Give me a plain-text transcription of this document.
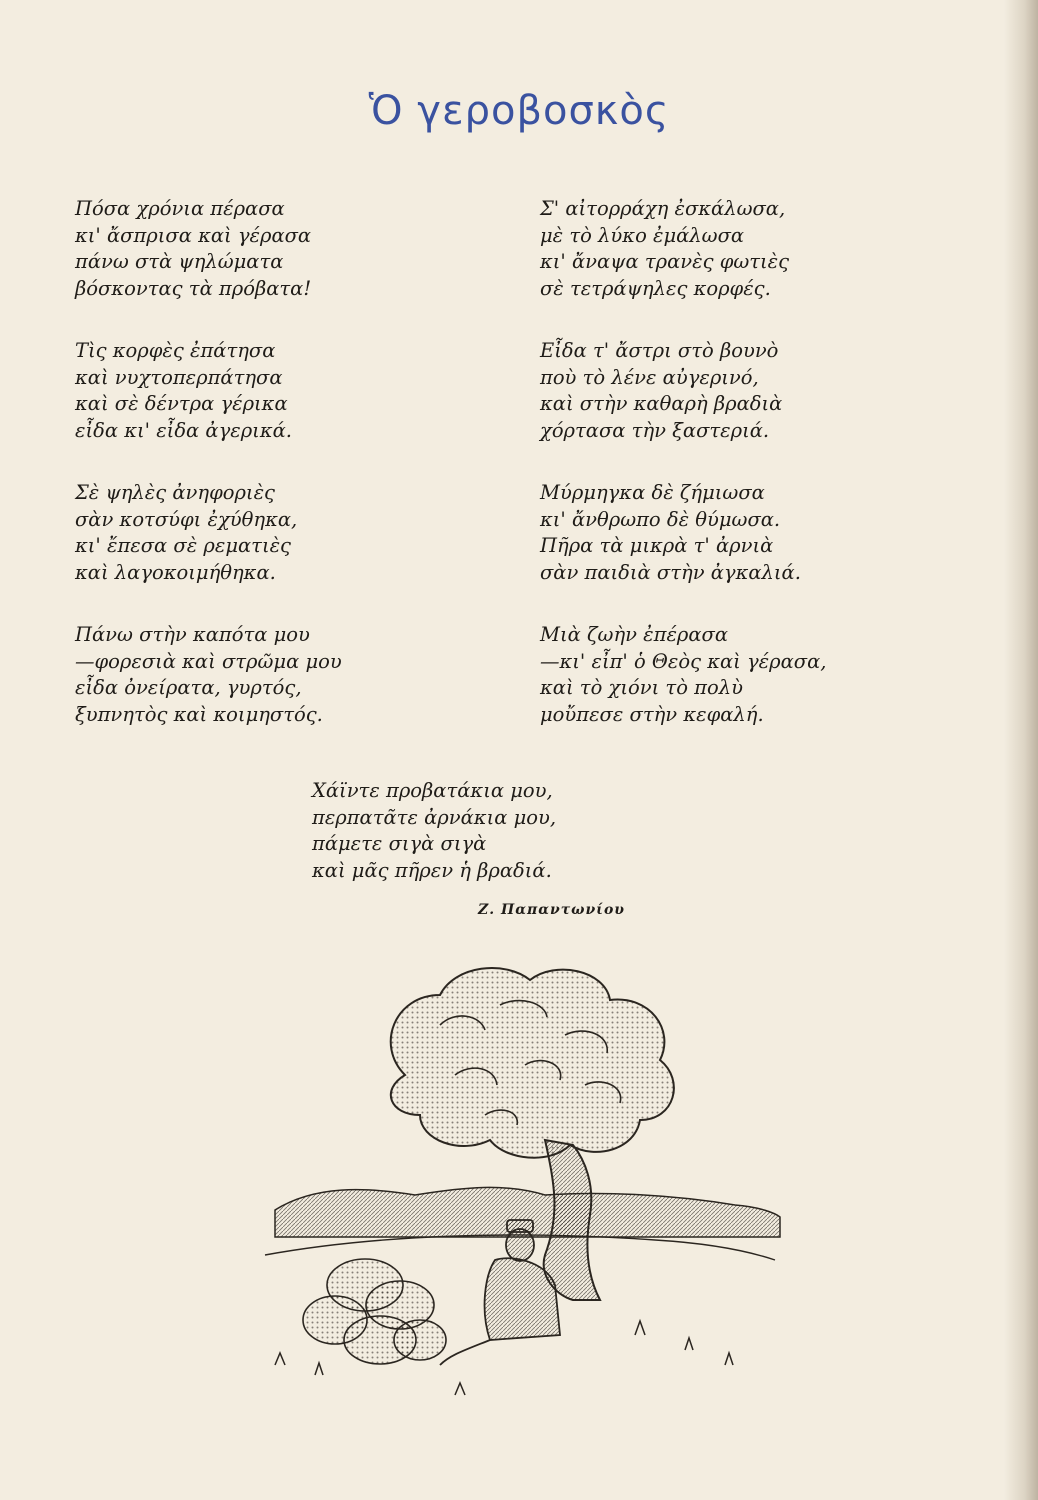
Ὁ γεροβοσκὸς
Πόσα χρόνια πέρασα
κι' ἄσπρισα καὶ γέρασα
πάνω στὰ ψηλώματα
βόσκοντας τὰ πρόβατα!
Τὶς κορφὲς ἐπάτησα
καὶ νυχτοπερπάτησα
καὶ σὲ δέντρα γέρικα
εἶδα κι' εἶδα ἀγερικά.
Σὲ ψηλὲς ἀνηφοριὲς
σὰν κοτσύφι ἐχύθηκα,
κι' ἔπεσα σὲ ρεματιὲς
καὶ λαγοκοιμήθηκα.
Πάνω στὴν καπότα μου
—φορεσιὰ καὶ στρῶμα μου
εἶδα ὀνείρατα, γυρτός,
ξυπνητὸς καὶ κοιμηστός.
Σ' αἰτορράχη ἐσκάλωσα,
μὲ τὸ λύκο ἐμάλωσα
κι' ἄναψα τρανὲς φωτιὲς
σὲ τετράψηλες κορφές.
Εἶδα τ' ἄστρι στὸ βουνὸ
ποὺ τὸ λένε αὐγερινό,
καὶ στὴν καθαρὴ βραδιὰ
χόρτασα τὴν ξαστεριά.
Μύρμηγκα δὲ ζήμιωσα
κι' ἄνθρωπο δὲ θύμωσα.
Πῆρα τὰ μικρὰ τ' ἀρνιὰ
σὰν παιδιὰ στὴν ἀγκαλιά.
Μιὰ ζωὴν ἐπέρασα
—κι' εἶπ' ὁ Θεὸς καὶ γέρασα,
καὶ τὸ χιόνι τὸ πολὺ
μοὔπεσε στὴν κεφαλή.
Χάϊντε προβατάκια μου,
περπατᾶτε ἀρνάκια μου,
πάμετε σιγὰ σιγὰ
καὶ μᾶς πῆρεν ἡ βραδιά.
Ζ. Παπαντωνίου
